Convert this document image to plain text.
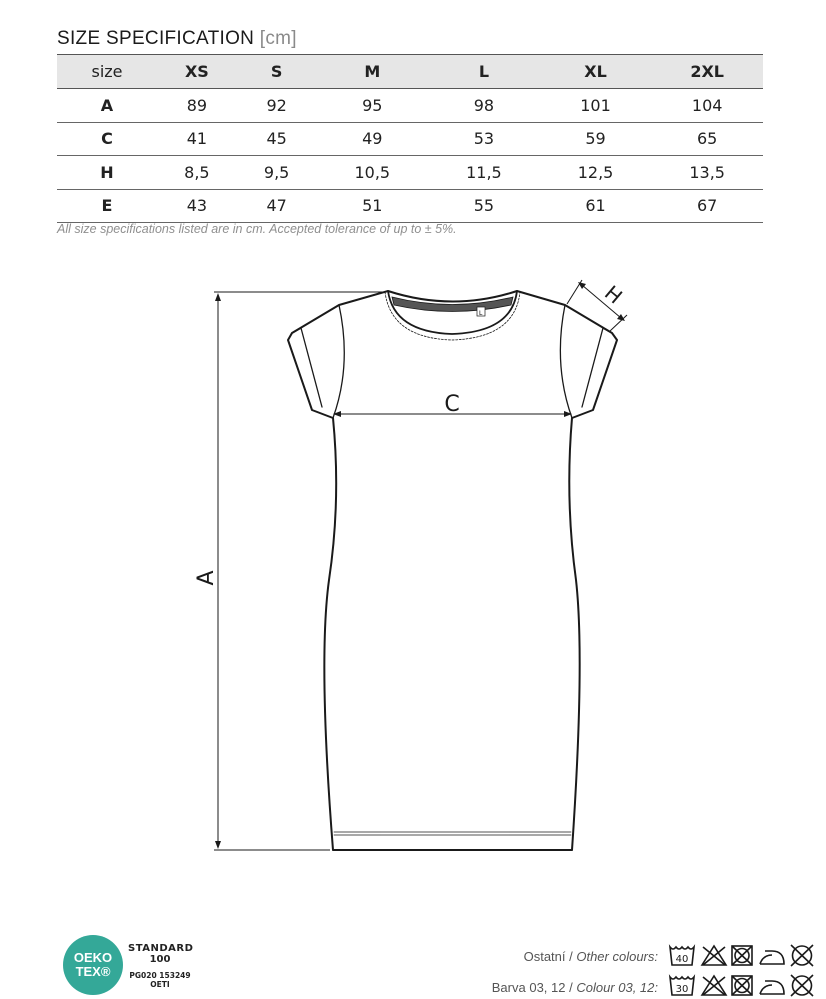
SIZE SPECIFICATION [cm]
size	XS	S	M	L	XL	2XL
A	89	92	95	98	101	104
C	41	45	49	53	59	65
H	8,5	9,5	10,5	11,5	12,5	13,5
E	43	47	51	55	61	67
All size specifications listed are in cm. Accepted tolerance of up to ± 5%.
L
A
C
H
OEKO
TEX®
STANDARD
100
PG020 153249
OETI
Ostatní / Other colours: 40
Barva 03, 12 / Colour 03, 12: 30
